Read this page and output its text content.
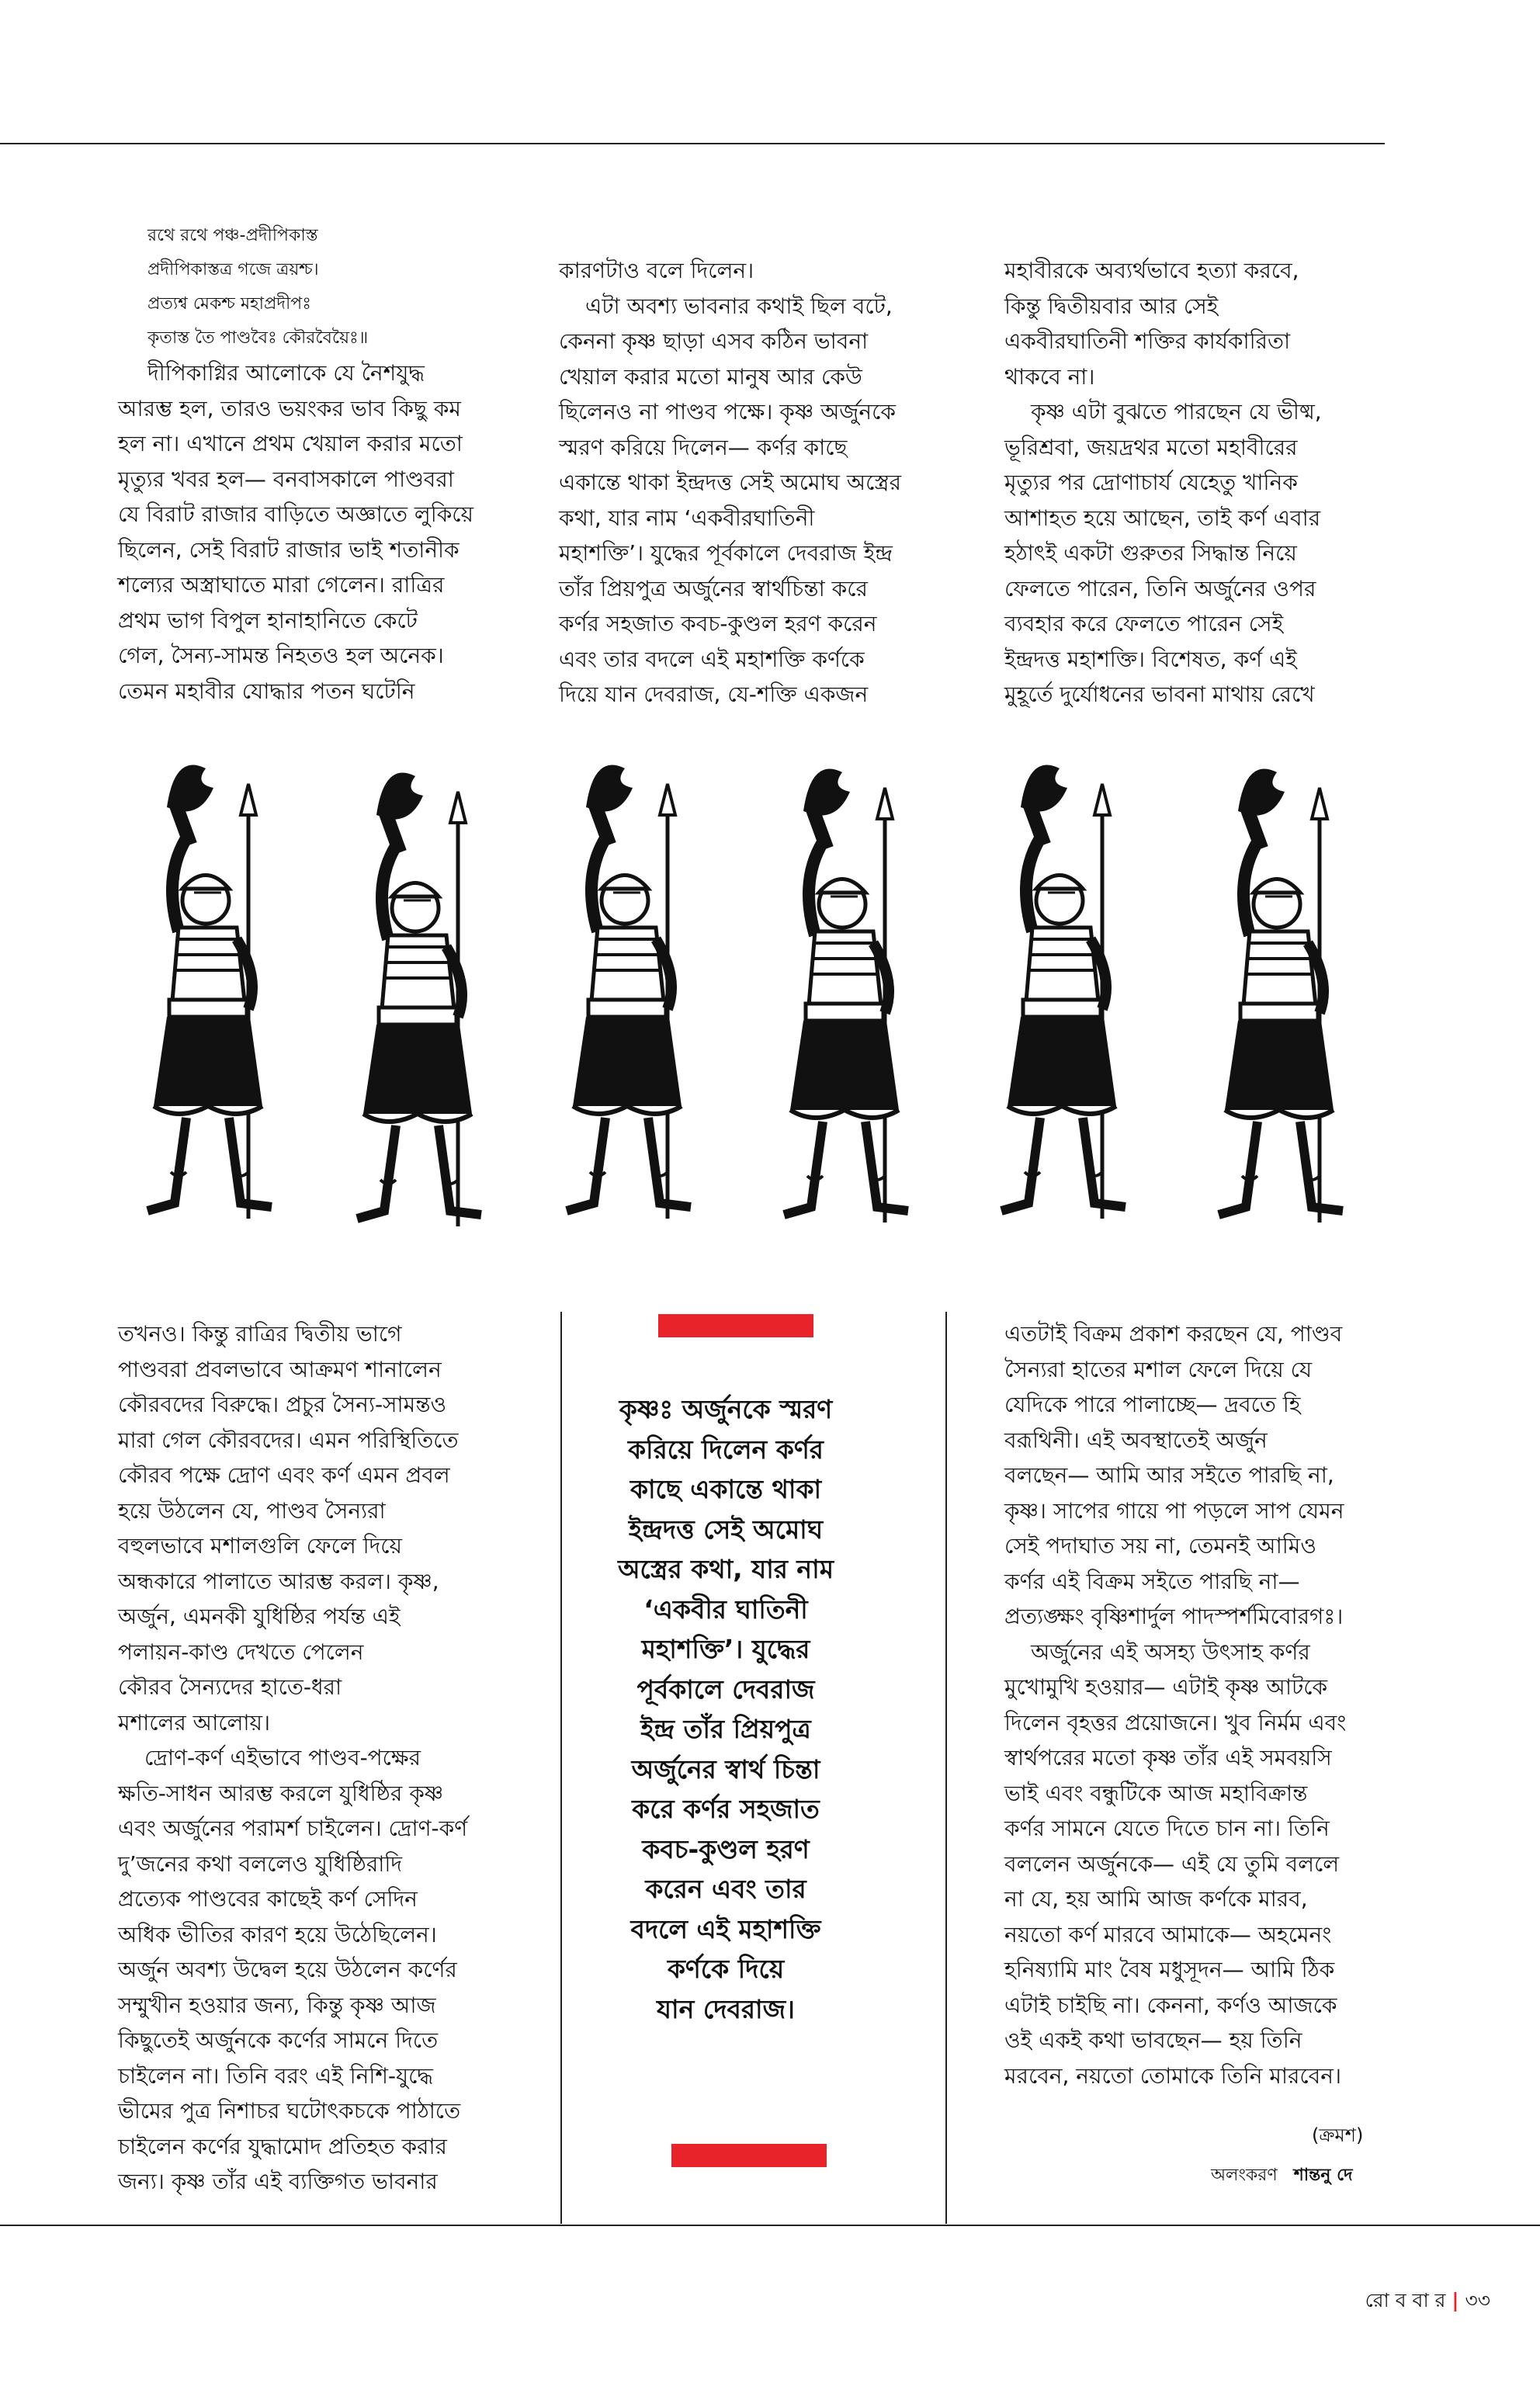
রথে রথে পঞ্চ-প্রদীপিকাস্ত

প্রদীপিকাস্তত্র গজে ত্রয়শ্চ।

প্রত্যশ্ব মেকশ্চ মহাপ্রদীপঃ

কৃতাস্ত তৈ পাণ্ডবৈঃ কৌরবৈয়ৈঃ॥

দীপিকাগ্নির আলোকে যে নৈশযুদ্ধ

আরম্ভ হল, তারও ভয়ংকর ভাব কিছু কম

হল না। এখানে প্রথম খেয়াল করার মতো

মৃত্যুর খবর হল— বনবাসকালে পাণ্ডবরা

যে বিরাট রাজার বাড়িতে অজ্ঞাতে লুকিয়ে

ছিলেন, সেই বিরাট রাজার ভাই শতানীক

শল্যের অস্ত্রাঘাতে মারা গেলেন। রাত্রির

প্রথম ভাগ বিপুল হানাহানিতে কেটে

গেল, সৈন্য-সামন্ত নিহতও হল অনেক।

তেমন মহাবীর যোদ্ধার পতন ঘটেনি

কারণটাও বলে দিলেন।

এটা অবশ্য ভাবনার কথাই ছিল বটে,

কেননা কৃষ্ণ ছাড়া এসব কঠিন ভাবনা

খেয়াল করার মতো মানুষ আর কেউ

ছিলেনও না পাণ্ডব পক্ষে। কৃষ্ণ অর্জুনকে

স্মরণ করিয়ে দিলেন— কর্ণর কাছে

একান্তে থাকা ইন্দ্রদত্ত সেই অমোঘ অস্ত্রের

কথা, যার নাম ‘একবীরঘাতিনী

মহাশক্তি’। যুদ্ধের পূর্বকালে দেবরাজ ইন্দ্র

তাঁর প্রিয়পুত্র অর্জুনের স্বার্থচিন্তা করে

কর্ণর সহজাত কবচ-কুণ্ডল হরণ করেন

এবং তার বদলে এই মহাশক্তি কর্ণকে

দিয়ে যান দেবরাজ, যে-শক্তি একজন

মহাবীরকে অব্যর্থভাবে হত্যা করবে,

কিন্তু দ্বিতীয়বার আর সেই

একবীরঘাতিনী শক্তির কার্যকারিতা

থাকবে না।

কৃষ্ণ এটা বুঝতে পারছেন যে ভীষ্ম,

ভূরিশ্রবা, জয়দ্রথর মতো মহাবীরের

মৃত্যুর পর দ্রোণাচার্য যেহেতু খানিক

আশাহত হয়ে আছেন, তাই কর্ণ এবার

হঠাৎই একটা গুরুতর সিদ্ধান্ত নিয়ে

ফেলতে পারেন, তিনি অর্জুনের ওপর

ব্যবহার করে ফেলতে পারেন সেই

ইন্দ্রদত্ত মহাশক্তি। বিশেষত, কর্ণ এই

মুহূর্তে দুর্যোধনের ভাবনা মাথায় রেখে

তখনও। কিন্তু রাত্রির দ্বিতীয় ভাগে

পাণ্ডবরা প্রবলভাবে আক্রমণ শানালেন

কৌরবদের বিরুদ্ধে। প্রচুর সৈন্য-সামন্তও

মারা গেল কৌরবদের। এমন পরিস্থিতিতে

কৌরব পক্ষে দ্রোণ এবং কর্ণ এমন প্রবল

হয়ে উঠলেন যে, পাণ্ডব সৈন্যরা

বহুলভাবে মশালগুলি ফেলে দিয়ে

অন্ধকারে পালাতে আরম্ভ করল। কৃষ্ণ,

অর্জুন, এমনকী যুধিষ্ঠির পর্যন্ত এই

পলায়ন-কাণ্ড দেখতে পেলেন

কৌরব সৈন্যদের হাতে-ধরা

মশালের আলোয়।

দ্রোণ-কর্ণ এইভাবে পাণ্ডব-পক্ষের

ক্ষতি-সাধন আরম্ভ করলে যুধিষ্ঠির কৃষ্ণ

এবং অর্জুনের পরামর্শ চাইলেন। দ্রোণ-কর্ণ

দু’জনের কথা বললেও যুধিষ্ঠিরাদি

প্রত্যেক পাণ্ডবের কাছেই কর্ণ সেদিন

অধিক ভীতির কারণ হয়ে উঠেছিলেন।

অর্জুন অবশ্য উদ্বেল হয়ে উঠলেন কর্ণের

সম্মুখীন হওয়ার জন্য, কিন্তু কৃষ্ণ আজ

কিছুতেই অর্জুনকে কর্ণের সামনে দিতে

চাইলেন না। তিনি বরং এই নিশি-যুদ্ধে

ভীমের পুত্র নিশাচর ঘটোৎকচকে পাঠাতে

চাইলেন কর্ণের যুদ্ধামোদ প্রতিহত করার

জন্য। কৃষ্ণ তাঁর এই ব্যক্তিগত ভাবনার

কৃষ্ণঃ অর্জুনকে স্মরণ
করিয়ে দিলেন কর্ণর
কাছে একান্তে থাকা
ইন্দ্রদত্ত সেই অমোঘ
অস্ত্রের কথা, যার নাম
‘একবীর ঘাতিনী
মহাশক্তি’। যুদ্ধের
পূর্বকালে দেবরাজ
ইন্দ্র তাঁর প্রিয়পুত্র
অর্জুনের স্বার্থ চিন্তা
করে কর্ণর সহজাত
কবচ-কুণ্ডল হরণ
করেন এবং তার
বদলে এই মহাশক্তি
কর্ণকে দিয়ে
যান দেবরাজ।

এতটাই বিক্রম প্রকাশ করছেন যে, পাণ্ডব

সৈন্যরা হাতের মশাল ফেলে দিয়ে যে

যেদিকে পারে পালাচ্ছে— দ্রবতে হি

বরূথিনী। এই অবস্থাতেই অর্জুন

বলছেন— আমি আর সইতে পারছি না,

কৃষ্ণ। সাপের গায়ে পা পড়লে সাপ যেমন

সেই পদাঘাত সয় না, তেমনই আমিও

কর্ণর এই বিক্রম সইতে পারছি না—

প্রত্যঙ্ক্ষং বৃষ্ণিশার্দুল পাদস্পর্শমিবোরগঃ।

অর্জুনের এই অসহ্য উৎসাহ কর্ণর

মুখোমুখি হওয়ার— এটাই কৃষ্ণ আটকে

দিলেন বৃহত্তর প্রয়োজনে। খুব নির্মম এবং

স্বার্থপরের মতো কৃষ্ণ তাঁর এই সমবয়সি

ভাই এবং বন্ধুটিকে আজ মহাবিক্রান্ত

কর্ণর সামনে যেতে দিতে চান না। তিনি

বললেন অর্জুনকে— এই যে তুমি বললে

না যে, হয় আমি আজ কর্ণকে মারব,

নয়তো কর্ণ মারবে আমাকে— অহমেনং

হনিষ্যামি মাং বৈষ মধুসূদন— আমি ঠিক

এটাই চাইছি না। কেননা, কর্ণও আজকে

ওই একই কথা ভাবছেন— হয় তিনি

মরবেন, নয়তো তোমাকে তিনি মারবেন।

(ক্রমশ)
অলংকরণ শান্তনু দে
রো ব বা র | ৩৩
